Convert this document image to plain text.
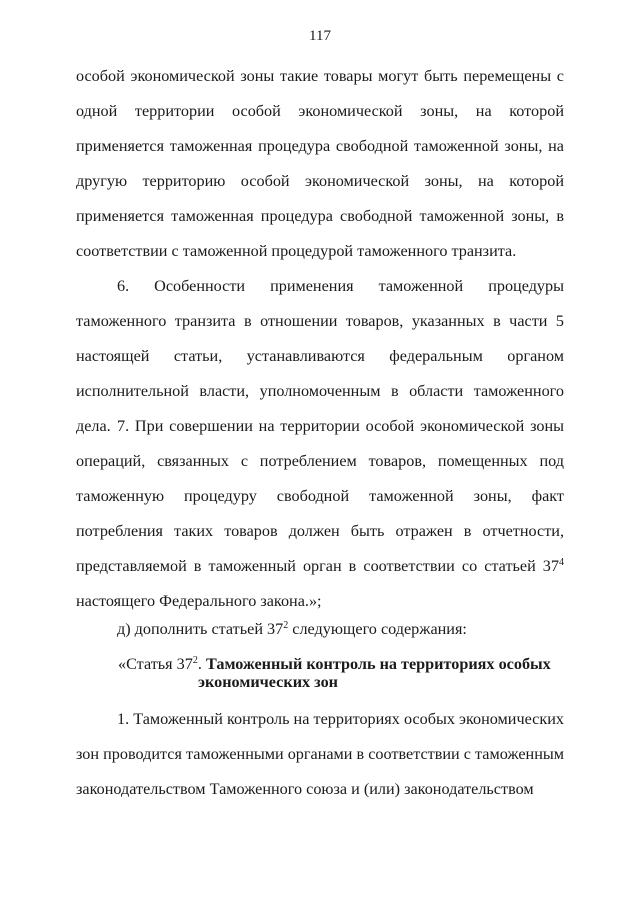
117

особой экономической зоны такие товары могут быть перемещены с одной территории особой экономической зоны, на которой применяется таможенная процедура свободной таможенной зоны, на другую территорию особой экономической зоны, на которой применяется таможенная процедура свободной таможенной зоны, в соответствии с таможенной процедурой таможенного транзита.

6. Особенности применения таможенной процедуры таможенного транзита в отношении товаров, указанных в части 5 настоящей статьи, устанавливаются федеральным органом исполнительной власти, уполномоченным в области таможенного дела. 7. При совершении на территории особой экономической зоны операций, связанных с потреблением товаров, помещенных под таможенную процедуру свободной таможенной зоны, факт потребления таких товаров должен быть отражен в отчетности, представляемой в таможенный орган в соответствии со статьей $37^4$ настоящего Федерального закона.»;

д) дополнить статьей $37^2$ следующего содержания:

«Статья $37^2$. Таможенный контроль на территориях особых
экономических зон

1. Таможенный контроль на территориях особых экономических зон проводится таможенными органами в соответствии с таможенным законодательством Таможенного союза и (или) законодательством
